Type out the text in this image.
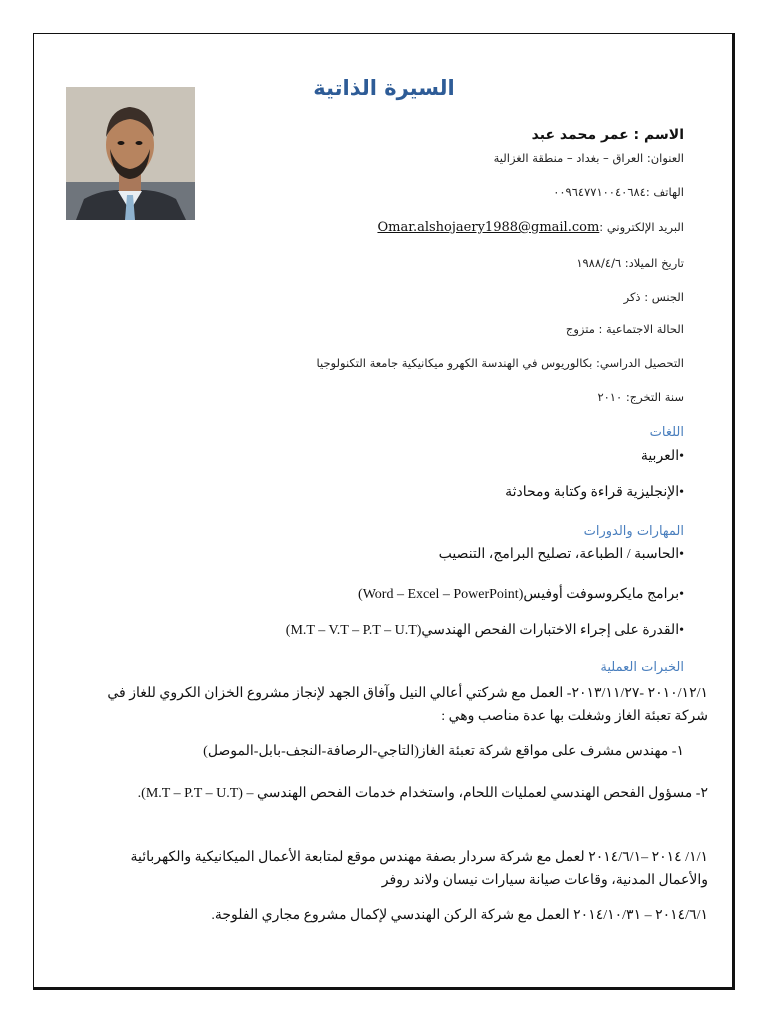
السيرة الذاتية
الاسم : عمر محمد عبد
العنوان: العراق – بغداد – منطقة الغزالية
الهاتف :٠٠٩٦٤٧٧١٠٠٤٠٦٨٤
البريد الإلكتروني :Omar.alshojaery1988@gmail.com
تاريخ الميلاد: ١٩٨٨/٤/٦
الجنس : ذكر
الحالة الاجتماعية : متزوج
التحصيل الدراسي: بكالوريوس في الهندسة الكهرو ميكانيكية جامعة التكنولوجيا
سنة التخرج: ٢٠١٠
اللغات
•العربية
•الإنجليزية قراءة وكتابة ومحادثة
المهارات والدورات
•الحاسبة / الطباعة، تصليح البرامج، التنصيب
•برامج مايكروسوفت أوفيس(Word – Excel – PowerPoint)
•القدرة على إجراء الاختبارات الفحص الهندسي(M.T – V.T – P.T – U.T)
الخبرات العملية
٢٠١٠/١٢/١ -٢٠١٣/١١/٢٧- العمل مع شركتي أعالي النيل وآفاق الجهد لإنجاز مشروع الخزان الكروي للغاز في شركة تعبئة الغاز وشغلت بها عدة مناصب وهي :
١- مهندس مشرف على مواقع شركة تعبئة الغاز(التاجي-الرصافة-النجف-بابل-الموصل)
٢- مسؤول الفحص الهندسي لعمليات اللحام، واستخدام خدمات الفحص الهندسي – (M.T – P.T – U.T).
١/١/ ٢٠١٤ –٢٠١٤/٦/١ لعمل مع شركة سردار بصفة مهندس موقع لمتابعة الأعمال الميكانيكية والكهربائية والأعمال المدنية، وقاعات صيانة سيارات نيسان ولاند روفر
٢٠١٤/٦/١ – ٢٠١٤/١٠/٣١ العمل مع شركة الركن الهندسي لإكمال مشروع مجاري الفلوجة.
